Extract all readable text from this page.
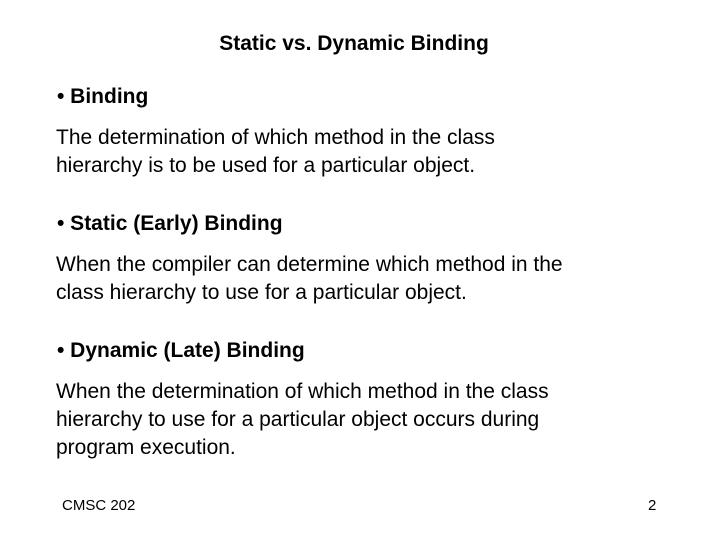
Static vs. Dynamic Binding
• Binding
The determination of which method in the class
hierarchy is to be used for a particular object.
• Static (Early) Binding
When the compiler can determine which method in the
class hierarchy to use for a particular object.
• Dynamic (Late) Binding
When the determination of which method in the class
hierarchy to use for a particular object occurs during
program execution.
CMSC 202	2
